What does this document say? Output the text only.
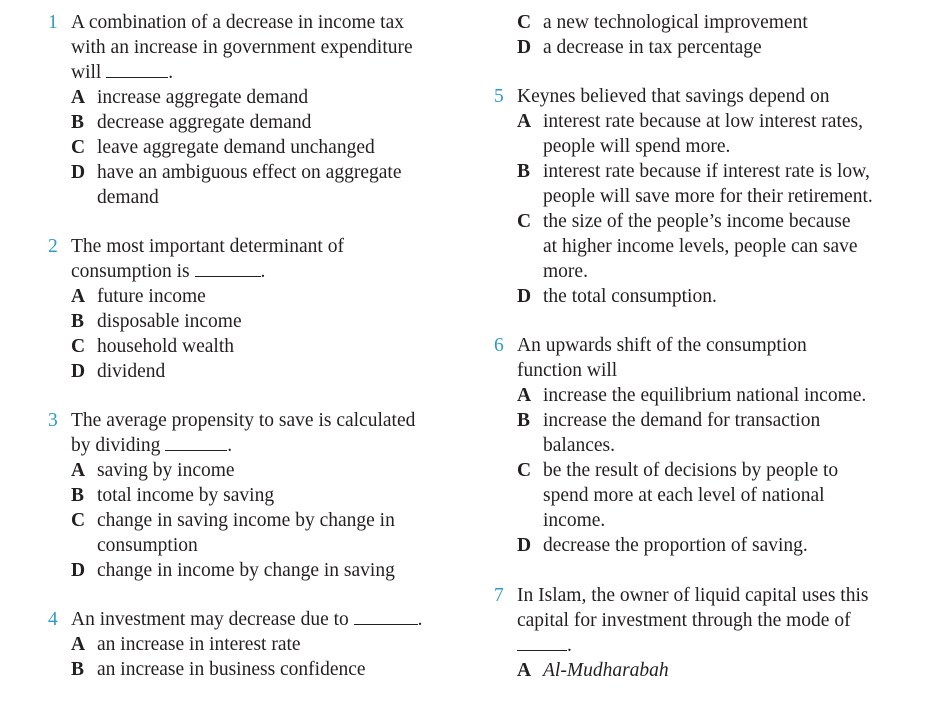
1 A combination of a decrease in income tax
with an increase in government expenditure
will	.
A increase aggregate demand
B decrease aggregate demand
C leave aggregate demand unchanged
D have an ambiguous effect on aggregate
demand
2 The most important determinant of
consumption is	.
A future income
B disposable income
C household wealth
D dividend
3 The average propensity to save is calculated
by dividing	.
A saving by income
B total income by saving
C change in saving income by change in
consumption
D change in income by change in saving
4 An investment may decrease due to	.
A an increase in interest rate
B an increase in business confidence
C a new technological improvement
D a decrease in tax percentage
5 Keynes believed that savings depend on
A interest rate because at low interest rates,
people will spend more.
B interest rate because if interest rate is low,
people will save more for their retirement.
C the size of the people’s income because
at higher income levels, people can save
more.
D the total consumption.
6 An upwards shift of the consumption
function will
A increase the equilibrium national income.
B increase the demand for transaction
balances.
C be the result of decisions by people to
spend more at each level of national
income.
D decrease the proportion of saving.
7 In Islam, the owner of liquid capital uses this
capital for investment through the mode of
.
A Al-Mudharabah
